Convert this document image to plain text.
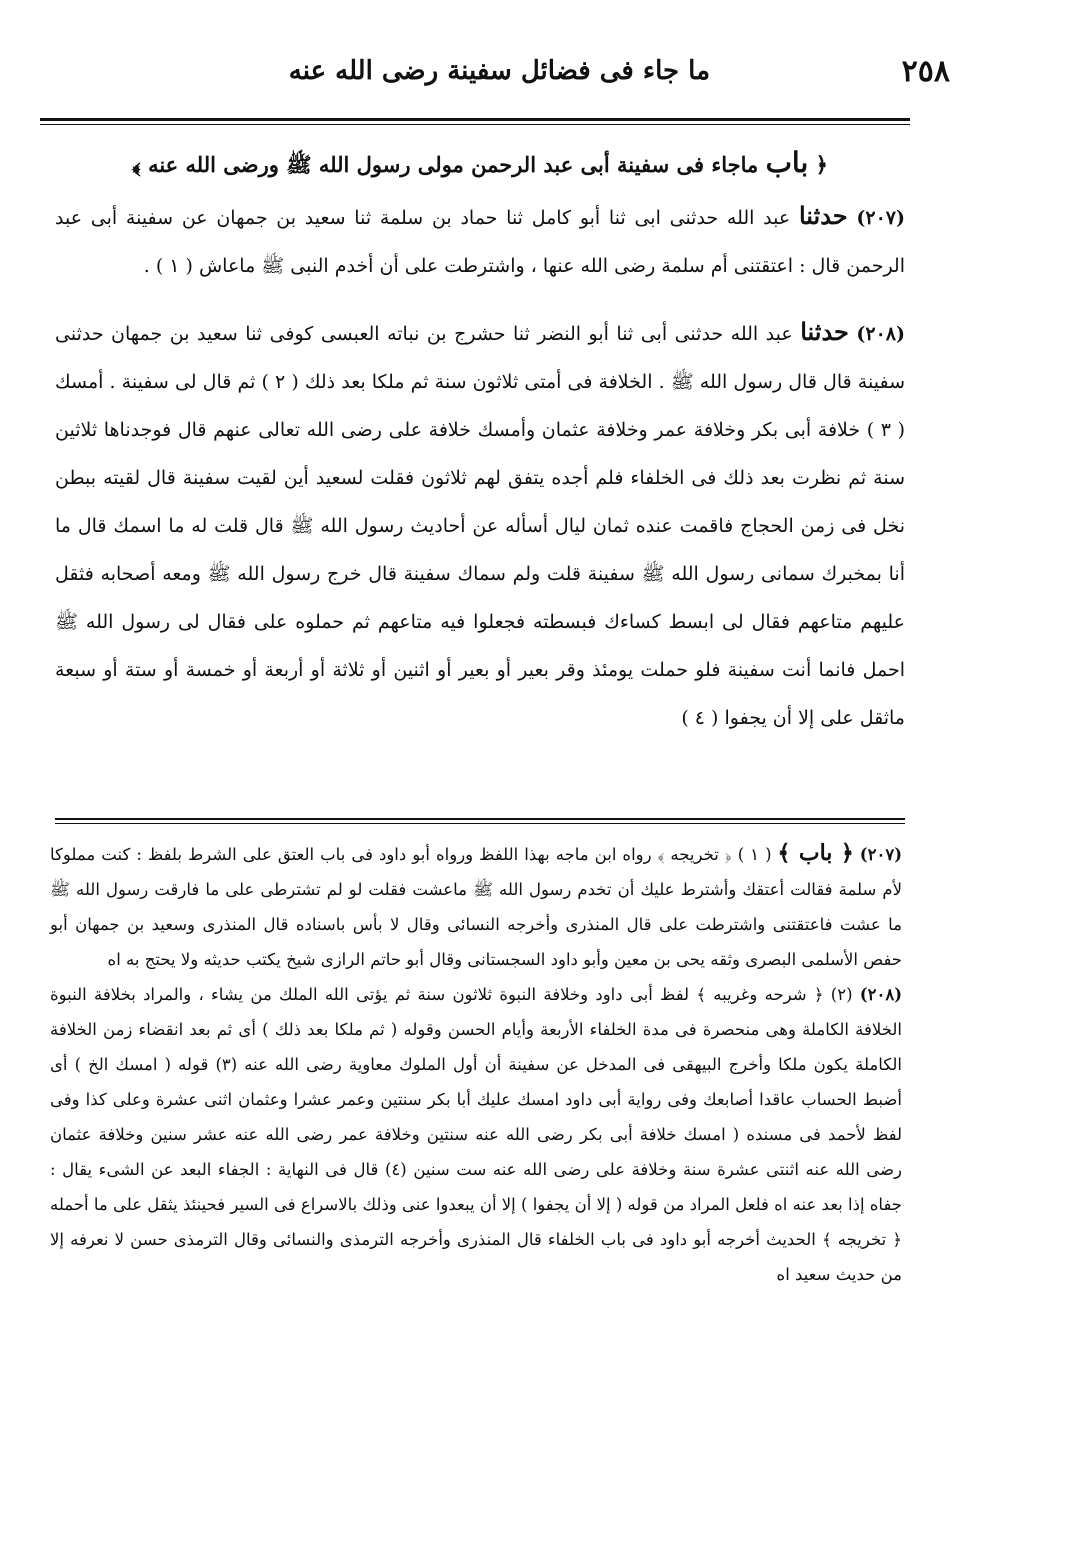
٢٥٨
ما جاء فى فضائل سفينة رضى الله عنه
﴿ باب ماجاء فى سفينة أبى عبد الرحمن مولى رسول الله ﷺ ورضى الله عنه ﴾

(٢٠٧) حدثنا عبد الله حدثنى ابى ثنا أبو كامل ثنا حماد بن سلمة ثنا سعيد بن جمهان عن سفينة أبى عبد الرحمن قال : اعتقتنى أم سلمة رضى الله عنها ، واشترطت على أن أخدم النبى ﷺ ماعاش ( ١ ) .

(٢٠٨) حدثنا عبد الله حدثنى أبى ثنا أبو النضر ثنا حشرج بن نباته العبسى كوفى ثنا سعيد بن جمهان حدثنى سفينة قال قال رسول الله ﷺ . الخلافة فى أمتى ثلاثون سنة ثم ملكا بعد ذلك ( ٢ ) ثم قال لى سفينة . أمسك ( ٣ ) خلافة أبى بكر وخلافة عمر وخلافة عثمان وأمسك خلافة على رضى الله تعالى عنهم قال فوجدناها ثلاثين سنة ثم نظرت بعد ذلك فى الخلفاء فلم أجده يتفق لهم ثلاثون فقلت لسعيد أين لقيت سفينة قال لقيته ببطن نخل فى زمن الحجاج فاقمت عنده ثمان ليال أسأله عن أحاديث رسول الله ﷺ قال قلت له ما اسمك قال ما أنا بمخبرك سمانى رسول الله ﷺ سفينة قلت ولم سماك سفينة قال خرج رسول الله ﷺ ومعه أصحابه فثقل عليهم متاعهم فقال لى ابسط كساءك فبسطته فجعلوا فيه متاعهم ثم حملوه على فقال لى رسول الله ﷺ احمل فانما أنت سفينة فلو حملت يومئذ وقر بعير أو بعير أو اثنين أو ثلاثة أو أربعة أو خمسة أو ستة أو سبعة ماثقل على إلا أن يجفوا ( ٤ )

(٢٠٧) ﴿ باب ﴾ ( ١ ) ﴿ تخريجه ﴾ رواه ابن ماجه بهذا اللفظ ورواه أبو داود فى باب العتق على الشرط بلفظ : كنت مملوكا لأم سلمة فقالت أعتقك وأشترط عليك أن تخدم رسول الله ﷺ ماعشت فقلت لو لم تشترطى على ما فارقت رسول الله ﷺ ما عشت فاعتقتنى واشترطت على قال المنذرى وأخرجه النسائى وقال لا بأس باسناده قال المنذرى وسعيد بن جمهان أبو حفص الأسلمى البصرى وثقه يحى بن معين وأبو داود السجستانى وقال أبو حاتم الرازى شيخ يكتب حديثه ولا يحتج به اه

(٢٠٨) (٢) ﴿ شرحه وغريبه ﴾ لفظ أبى داود وخلافة النبوة ثلاثون سنة ثم يؤتى الله الملك من يشاء ، والمراد بخلافة النبوة الخلافة الكاملة وهى منحصرة فى مدة الخلفاء الأربعة وأيام الحسن وقوله ( ثم ملكا بعد ذلك ) أى ثم بعد انقضاء زمن الخلافة الكاملة يكون ملكا وأخرج البيهقى فى المدخل عن سفينة أن أول الملوك معاوية رضى الله عنه (٣) قوله ( امسك الخ ) أى أضبط الحساب عاقدا أصابعك وفى رواية أبى داود امسك عليك أبا بكر سنتين وعمر عشرا وعثمان اثنى عشرة وعلى كذا وفى لفظ لأحمد فى مسنده ( امسك خلافة أبى بكر رضى الله عنه سنتين وخلافة عمر رضى الله عنه عشر سنين وخلافة عثمان رضى الله عنه اثنتى عشرة سنة وخلافة على رضى الله عنه ست سنين (٤) قال فى النهاية : الجفاء البعد عن الشىء يقال : جفاه إذا بعد عنه اه فلعل المراد من قوله ( إلا أن يجفوا ) إلا أن يبعدوا عنى وذلك بالاسراع فى السير فحينئذ يثقل على ما أحمله ﴿ تخريجه ﴾ الحديث أخرجه أبو داود فى باب الخلفاء قال المنذرى وأخرجه الترمذى والنسائى وقال الترمذى حسن لا نعرفه إلا من حديث سعيد اه
